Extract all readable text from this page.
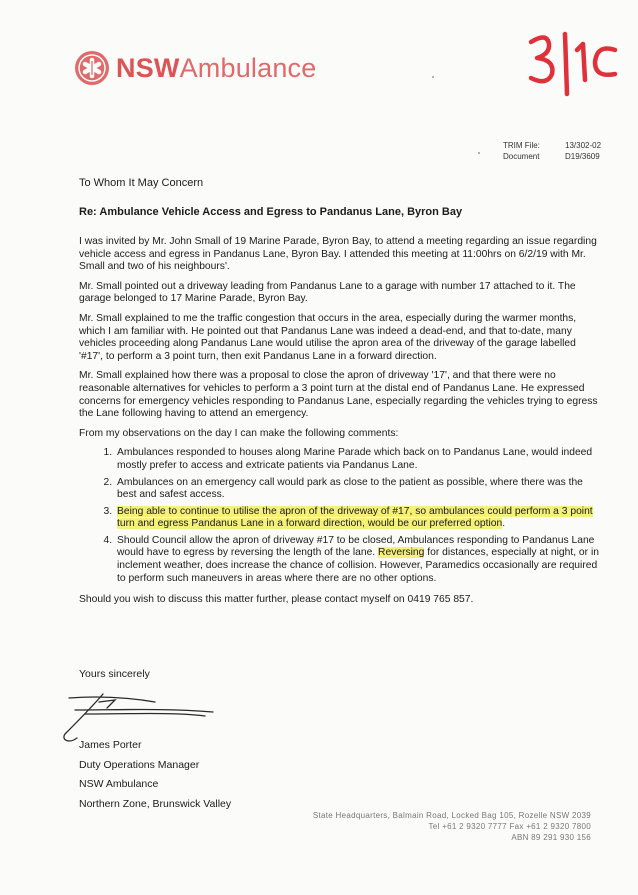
NSWAmbulance
TRIM File:	13/302-02
Document	D19/3609
To Whom It May Concern
Re: Ambulance Vehicle Access and Egress to Pandanus Lane, Byron Bay

I was invited by Mr. John Small of 19 Marine Parade, Byron Bay, to attend a meeting regarding an issue regarding vehicle access and egress in Pandanus Lane, Byron Bay. I attended this meeting at 11:00hrs on 6/2/19 with Mr. Small and two of his neighbours'.

Mr. Small pointed out a driveway leading from Pandanus Lane to a garage with number 17 attached to it. The garage belonged to 17 Marine Parade, Byron Bay.

Mr. Small explained to me the traffic congestion that occurs in the area, especially during the warmer months, which I am familiar with. He pointed out that Pandanus Lane was indeed a dead-end, and that to-date, many vehicles proceeding along Pandanus Lane would utilise the apron area of the driveway of the garage labelled '#17', to perform a 3 point turn, then exit Pandanus Lane in a forward direction.

Mr. Small explained how there was a proposal to close the apron of driveway '17', and that there were no reasonable alternatives for vehicles to perform a 3 point turn at the distal end of Pandanus Lane. He expressed concerns for emergency vehicles responding to Pandanus Lane, especially regarding the vehicles trying to egress the Lane following having to attend an emergency.

From my observations on the day I can make the following comments:

1. Ambulances responded to houses along Marine Parade which back on to Pandanus Lane, would indeed mostly prefer to access and extricate patients via Pandanus Lane.
2. Ambulances on an emergency call would park as close to the patient as possible, where there was the best and safest access.
3. Being able to continue to utilise the apron of the driveway of #17, so ambulances could perform a 3 point turn and egress Pandanus Lane in a forward direction, would be our preferred option.
4. Should Council allow the apron of driveway #17 to be closed, Ambulances responding to Pandanus Lane would have to egress by reversing the length of the lane. Reversing for distances, especially at night, or in inclement weather, does increase the chance of collision. However, Paramedics occasionally are required to perform such maneuvers in areas where there are no other options.

Should you wish to discuss this matter further, please contact myself on 0419 765 857.

Yours sincerely
James Porter
Duty Operations Manager
NSW Ambulance
Northern Zone, Brunswick Valley
State Headquarters, Balmain Road, Locked Bag 105, Rozelle NSW 2039
Tel +61 2 9320 7777 Fax +61 2 9320 7800
ABN 89 291 930 156
